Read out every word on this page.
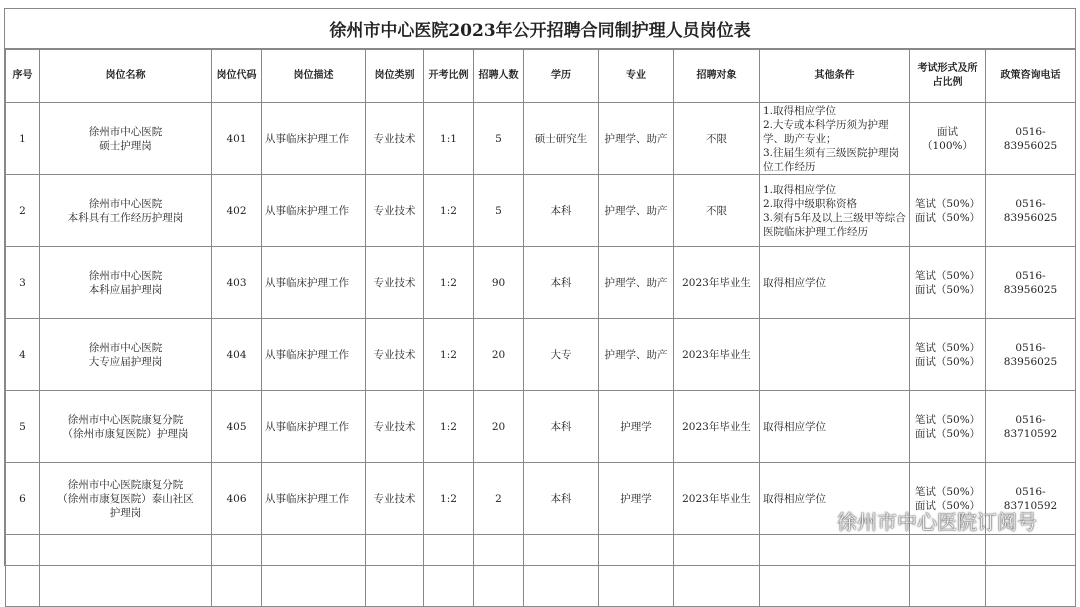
徐州市中心医院2023年公开招聘合同制护理人员岗位表
序号	岗位名称	岗位代码	岗位描述	岗位类别	开考比例	招聘人数	学历	专业	招聘对象	其他条件	考试形式及所占比例	政策咨询电话
1	徐州市中心医院
硕士护理岗	401	从事临床护理工作	专业技术	1:1	5	硕士研究生	护理学、助产	不限	1.取得相应学位
2.大专或本科学历须为护理学、助产专业；
3.往届生须有三级医院护理岗位工作经历	面试
（100%）	0516-83956025
2	徐州市中心医院
本科具有工作经历护理岗	402	从事临床护理工作	专业技术	1:2	5	本科	护理学、助产	不限	1.取得相应学位
2.取得中级职称资格
3.须有5年及以上三级甲等综合医院临床护理工作经历	笔试（50%）
面试（50%）	0516-83956025
3	徐州市中心医院
本科应届护理岗	403	从事临床护理工作	专业技术	1:2	90	本科	护理学、助产	2023年毕业生	取得相应学位	笔试（50%）
面试（50%）	0516-83956025
4	徐州市中心医院
大专应届护理岗	404	从事临床护理工作	专业技术	1:2	20	大专	护理学、助产	2023年毕业生		笔试（50%）
面试（50%）	0516-83956025
5	徐州市中心医院康复分院
（徐州市康复医院）护理岗	405	从事临床护理工作	专业技术	1:2	20	本科	护理学	2023年毕业生	取得相应学位	笔试（50%）
面试（50%）	0516-83710592
6	徐州市中心医院康复分院
（徐州市康复医院）泰山社区
护理岗	406	从事临床护理工作	专业技术	1:2	2	本科	护理学	2023年毕业生	取得相应学位	笔试（50%）
面试（50%）	0516-83710592

徐州市中心医院订阅号
